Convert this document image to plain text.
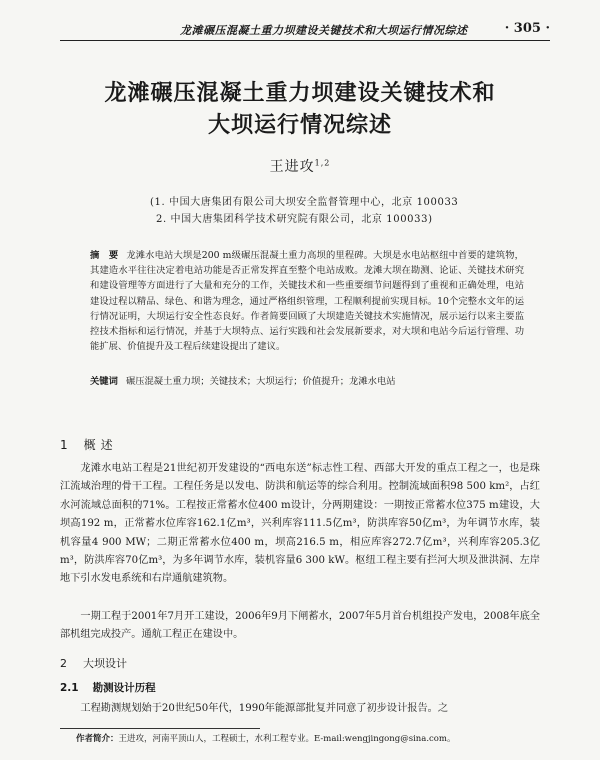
龙滩碾压混凝土重力坝建设关键技术和大坝运行情况综述	· 305 ·
龙滩碾压混凝土重力坝建设关键技术和
大坝运行情况综述
王进攻$^{1,2}$
(1. 中国大唐集团有限公司大坝安全监督管理中心，北京 100033
2. 中国大唐集团科学技术研究院有限公司，北京 100033)
摘　要 龙滩水电站大坝是200 m级碾压混凝土重力高坝的里程碑。大坝是水电站枢纽中首要的建筑物，其建造水平往往决定着电站功能是否正常发挥直至整个电站成败。龙滩大坝在勘测、论证、关键技术研究和建设管理等方面进行了大量和充分的工作，关键技术和一些重要细节问题得到了重视和正确处理，电站建设过程以精品、绿色、和谐为理念，通过严格组织管理，工程顺利提前实现目标。10个完整水文年的运行情况证明，大坝运行安全性态良好。作者简要回顾了大坝建造关键技术实施情况，展示运行以来主要监控技术指标和运行情况，并基于大坝特点、运行实践和社会发展新要求，对大坝和电站今后运行管理、功能扩展、价值提升及工程后续建设提出了建议。
关键词 碾压混凝土重力坝；关键技术；大坝运行；价值提升；龙滩水电站
1 概述
龙滩水电站工程是21世纪初开发建设的“西电东送”标志性工程、西部大开发的重点工程之一，也是珠江流域治理的骨干工程。工程任务是以发电、防洪和航运等的综合利用。控制流域面积98 500 km²，占红水河流域总面积的71%。工程按正常蓄水位400 m设计，分两期建设：一期按正常蓄水位375 m建设，大坝高192 m，正常蓄水位库容162.1亿m³，兴利库容111.5亿m³，防洪库容50亿m³，为年调节水库，装机容量4 900 MW；二期正常蓄水位400 m，坝高216.5 m，相应库容272.7亿m³，兴利库容205.3亿m³，防洪库容70亿m³，为多年调节水库，装机容量6 300 kW。枢纽工程主要有拦河大坝及泄洪洞、左岸地下引水发电系统和右岸通航建筑物。
一期工程于2001年7月开工建设，2006年9月下闸蓄水，2007年5月首台机组投产发电，2008年底全部机组完成投产。通航工程正在建设中。
2 大坝设计
2.1 勘测设计历程
工程勘测规划始于20世纪50年代，1990年能源部批复并同意了初步设计报告。之
作者简介：王进攻，河南平顶山人，工程硕士，水利工程专业。E-mail:wengjingong@sina.com。
